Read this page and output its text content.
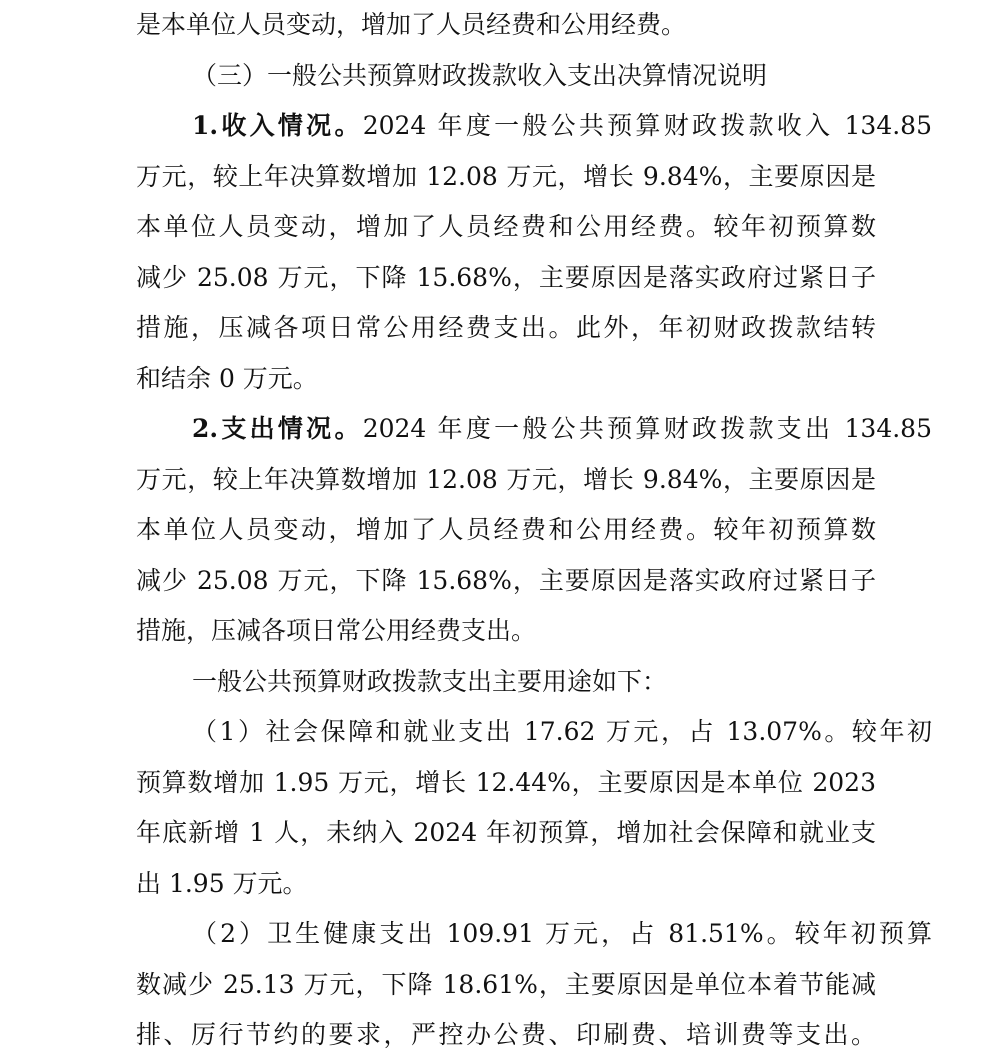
是本单位人员变动，增加了人员经费和公用经费。
（三）一般公共预算财政拨款收入支出决算情况说明
1.收入情况。2024 年度一般公共预算财政拨款收入 134.85
万元，较上年决算数增加 12.08 万元，增长 9.84%，主要原因是
本单位人员变动，增加了人员经费和公用经费。较年初预算数
减少 25.08 万元，下降 15.68%，主要原因是落实政府过紧日子
措施，压减各项日常公用经费支出。此外，年初财政拨款结转
和结余 0 万元。
2.支出情况。2024 年度一般公共预算财政拨款支出 134.85
万元，较上年决算数增加 12.08 万元，增长 9.84%，主要原因是
本单位人员变动，增加了人员经费和公用经费。较年初预算数
减少 25.08 万元，下降 15.68%，主要原因是落实政府过紧日子
措施，压减各项日常公用经费支出。
一般公共预算财政拨款支出主要用途如下：
（1）社会保障和就业支出 17.62 万元，占 13.07%。较年初
预算数增加 1.95 万元，增长 12.44%，主要原因是本单位 2023
年底新增 1 人，未纳入 2024 年初预算，增加社会保障和就业支
出 1.95 万元。
（2）卫生健康支出 109.91 万元，占 81.51%。较年初预算
数减少 25.13 万元，下降 18.61%，主要原因是单位本着节能减
排、厉行节约的要求，严控办公费、印刷费、培训费等支出。
